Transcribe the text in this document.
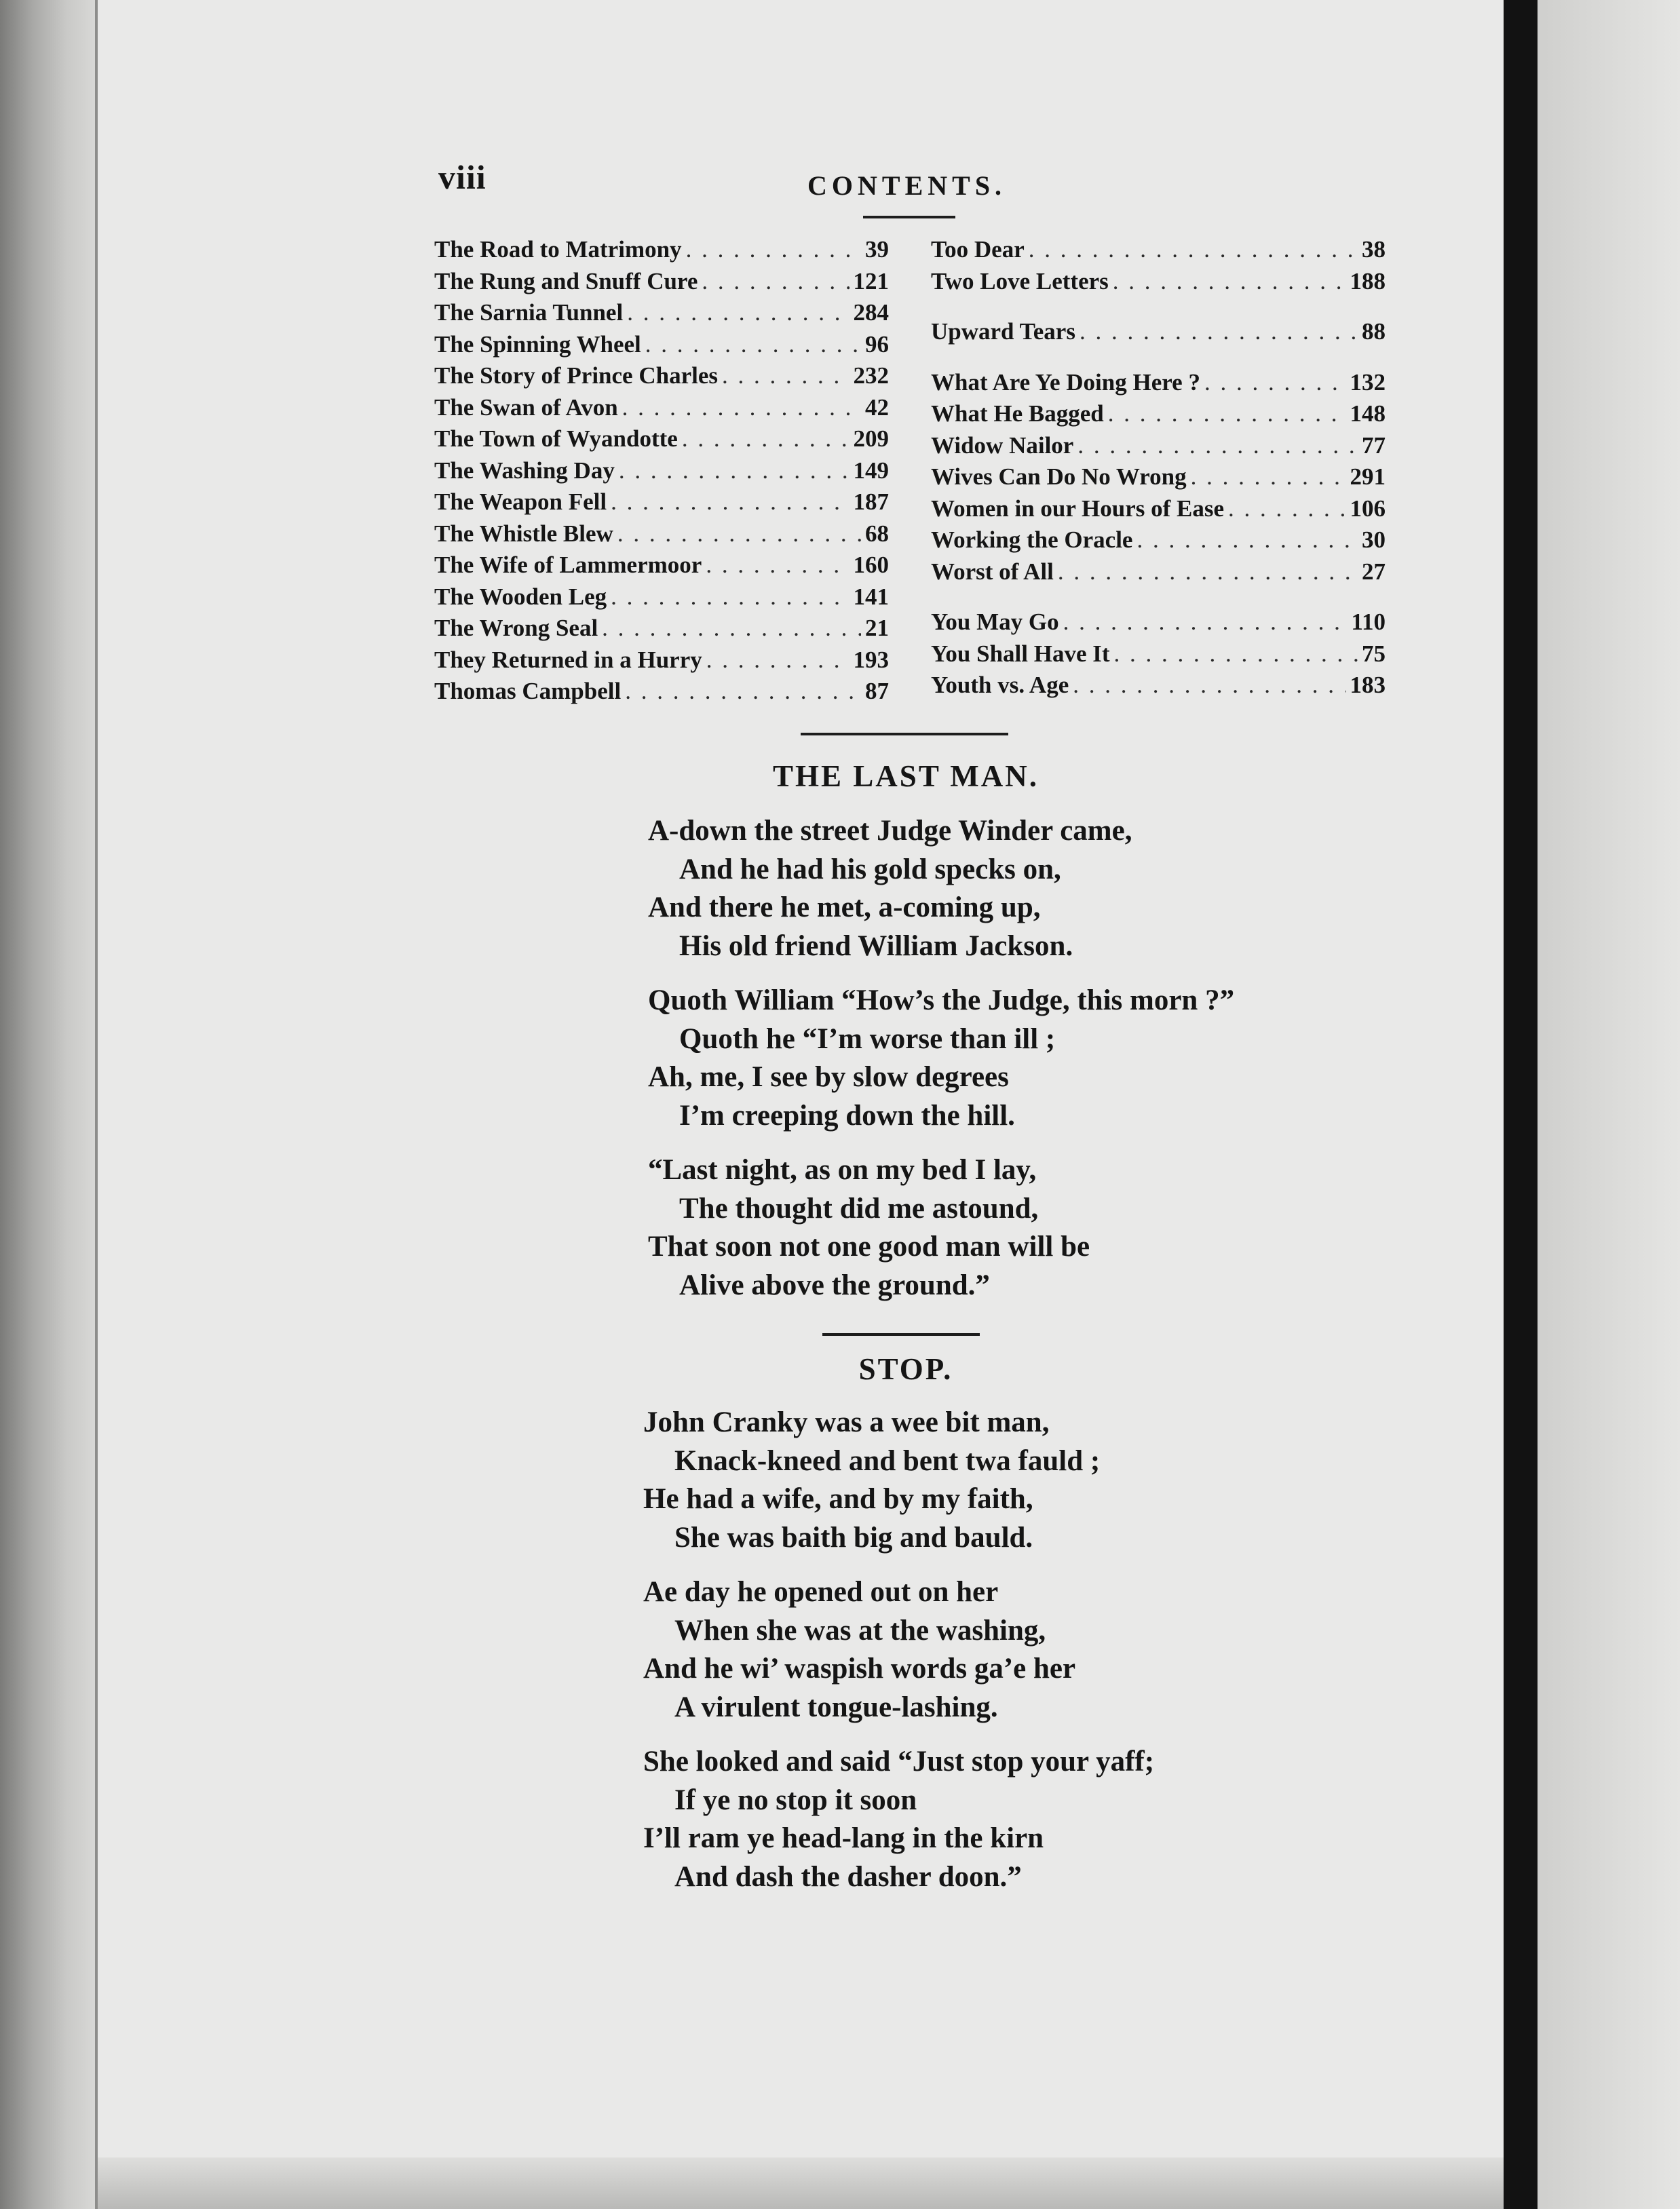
viii	CONTENTS.
The Road to Matrimony . . .	39
The Rung and Snuff Cure . . .	121
The Sarnia Tunnel . . .	284
The Spinning Wheel . . .	96
The Story of Prince Charles . . .	232
The Swan of Avon . . .	42
The Town of Wyandotte . . .	209
The Washing Day . . .	149
The Weapon Fell . . .	187
The Whistle Blew . . .	68
The Wife of Lammermoor . . .	160
The Wooden Leg . . .	141
The Wrong Seal . . .	21
They Returned in a Hurry . . .	193
Thomas Campbell . . .	87
Too Dear . . .	38
Two Love Letters . . .	188
Upward Tears . . .	88
What Are Ye Doing Here ? . . .	132
What He Bagged . . .	148
Widow Nailor . . .	77
Wives Can Do No Wrong . . .	291
Women in our Hours of Ease . . .	106
Working the Oracle . . .	30
Worst of All . . .	27
You May Go . . .	110
You Shall Have It . . .	75
Youth vs. Age . . .	183
THE LAST MAN.
A-down the street Judge Winder came,
And he had his gold specks on,
And there he met, a-coming up,
His old friend William Jackson.
Quoth William “How’s the Judge, this morn ?”
Quoth he “I’m worse than ill ;
Ah, me, I see by slow degrees
I’m creeping down the hill.
“Last night, as on my bed I lay,
The thought did me astound,
That soon not one good man will be
Alive above the ground.”
STOP.
John Cranky was a wee bit man,
Knack-kneed and bent twa fauld ;
He had a wife, and by my faith,
She was baith big and bauld.
Ae day he opened out on her
When she was at the washing,
And he wi’ waspish words ga’e her
A virulent tongue-lashing.
She looked and said “Just stop your yaff;
If ye no stop it soon
I’ll ram ye head-lang in the kirn
And dash the dasher doon.”
